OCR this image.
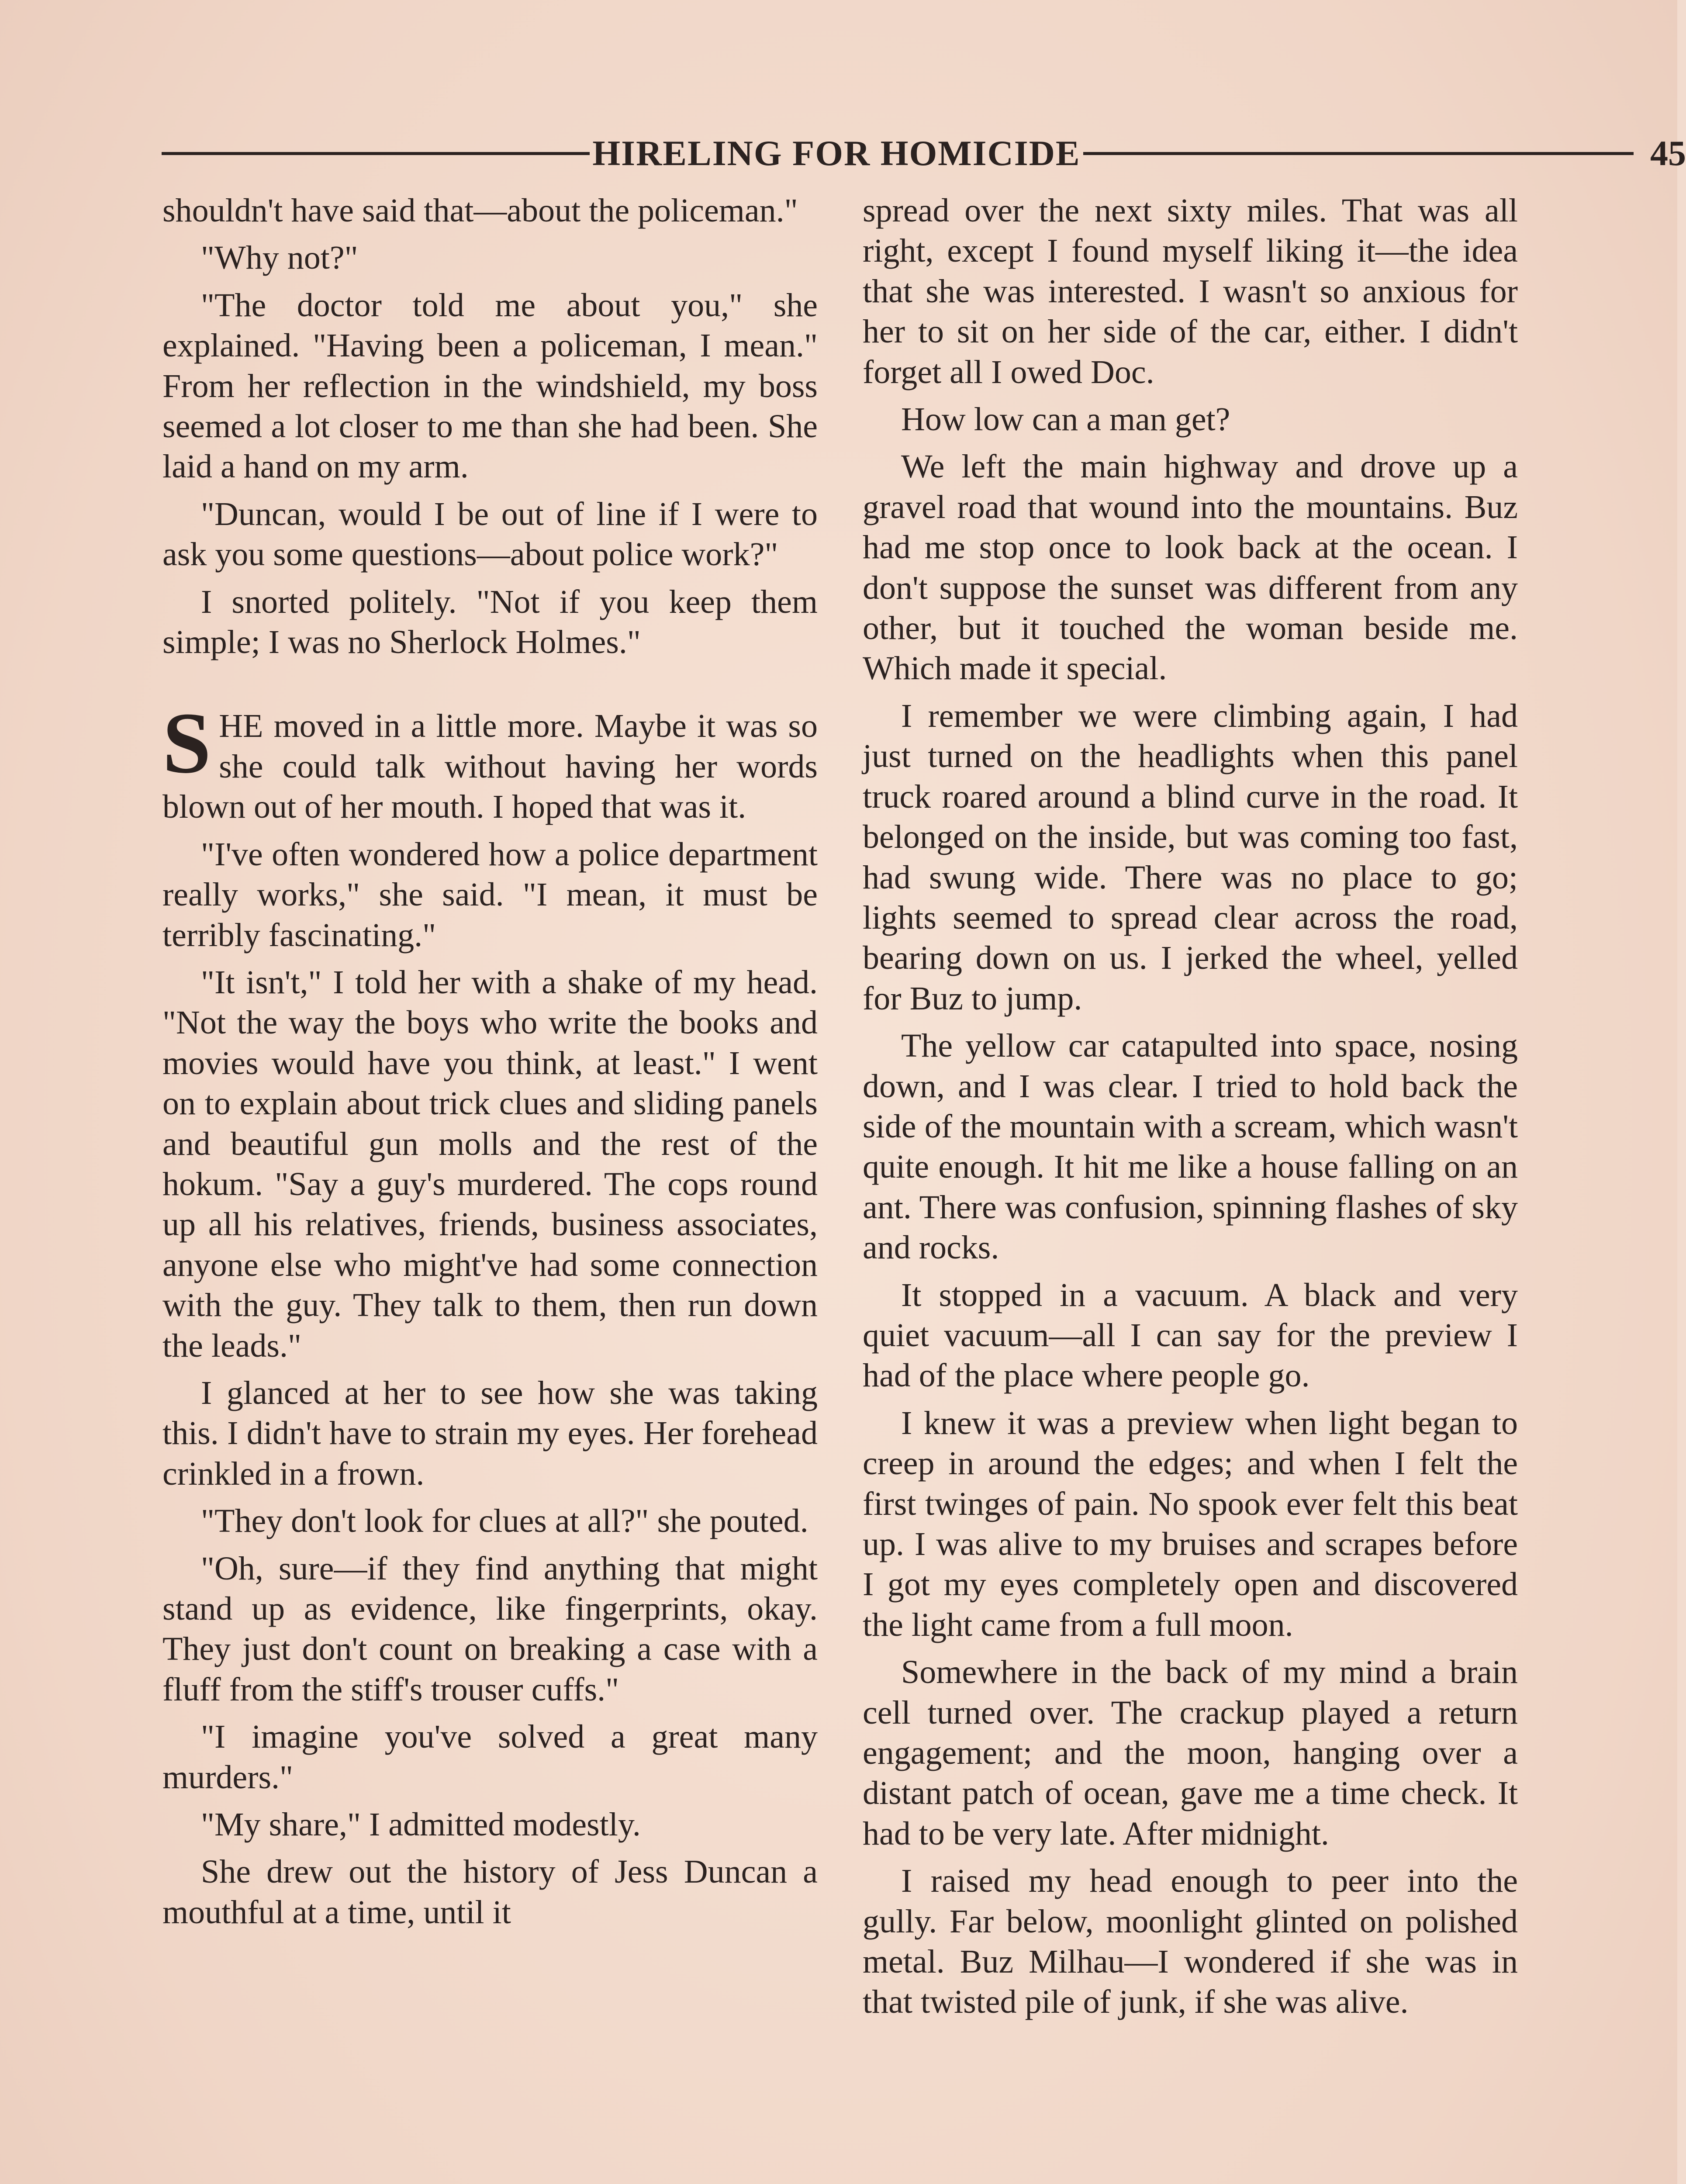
HIRELING FOR HOMICIDE	45

shouldn't have said that—about the policeman."

"Why not?"

"The doctor told me about you," she explained. "Having been a policeman, I mean." From her reflection in the windshield, my boss seemed a lot closer to me than she had been. She laid a hand on my arm.

"Duncan, would I be out of line if I were to ask you some questions—about police work?"

I snorted politely. "Not if you keep them simple; I was no Sherlock Holmes."

SHE moved in a little more. Maybe it was so she could talk without having her words blown out of her mouth. I hoped that was it.

"I've often wondered how a police department really works," she said. "I mean, it must be terribly fascinating."

"It isn't," I told her with a shake of my head. "Not the way the boys who write the books and movies would have you think, at least." I went on to explain about trick clues and sliding panels and beautiful gun molls and the rest of the hokum. "Say a guy's murdered. The cops round up all his relatives, friends, business associates, anyone else who might've had some connection with the guy. They talk to them, then run down the leads."

I glanced at her to see how she was taking this. I didn't have to strain my eyes. Her forehead crinkled in a frown.

"They don't look for clues at all?" she pouted.

"Oh, sure—if they find anything that might stand up as evidence, like fingerprints, okay. They just don't count on breaking a case with a fluff from the stiff's trouser cuffs."

"I imagine you've solved a great many murders."

"My share," I admitted modestly.

She drew out the history of Jess Duncan a mouthful at a time, until it

spread over the next sixty miles. That was all right, except I found myself liking it—the idea that she was interested. I wasn't so anxious for her to sit on her side of the car, either. I didn't forget all I owed Doc.

How low can a man get?

We left the main highway and drove up a gravel road that wound into the mountains. Buz had me stop once to look back at the ocean. I don't suppose the sunset was different from any other, but it touched the woman beside me. Which made it special.

I remember we were climbing again, I had just turned on the headlights when this panel truck roared around a blind curve in the road. It belonged on the inside, but was coming too fast, had swung wide. There was no place to go; lights seemed to spread clear across the road, bearing down on us. I jerked the wheel, yelled for Buz to jump.

The yellow car catapulted into space, nosing down, and I was clear. I tried to hold back the side of the mountain with a scream, which wasn't quite enough. It hit me like a house falling on an ant. There was confusion, spinning flashes of sky and rocks.

It stopped in a vacuum. A black and very quiet vacuum—all I can say for the preview I had of the place where people go.

I knew it was a preview when light began to creep in around the edges; and when I felt the first twinges of pain. No spook ever felt this beat up. I was alive to my bruises and scrapes before I got my eyes completely open and discovered the light came from a full moon.

Somewhere in the back of my mind a brain cell turned over. The crackup played a return engagement; and the moon, hanging over a distant patch of ocean, gave me a time check. It had to be very late. After midnight.

I raised my head enough to peer into the gully. Far below, moonlight glinted on polished metal. Buz Milhau—I wondered if she was in that twisted pile of junk, if she was alive.
